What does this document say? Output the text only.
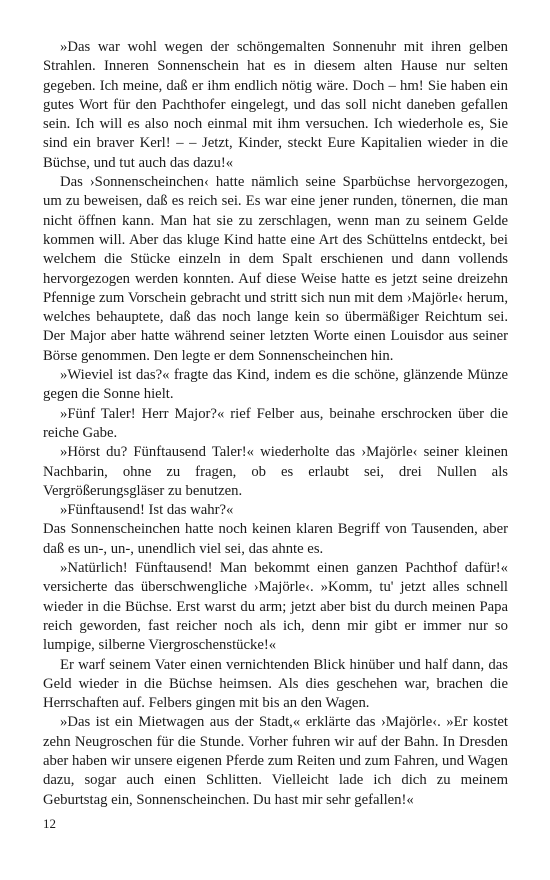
»Das war wohl wegen der schöngemalten Sonnenuhr mit ihren gelben Strahlen. Inneren Sonnenschein hat es in diesem alten Hause nur selten gegeben. Ich meine, daß er ihm endlich nötig wäre. Doch – hm! Sie haben ein gutes Wort für den Pachthofer eingelegt, und das soll nicht daneben gefallen sein. Ich will es also noch einmal mit ihm versuchen. Ich wiederhole es, Sie sind ein braver Kerl! – – Jetzt, Kinder, steckt Eure Kapitalien wieder in die Büchse, und tut auch das dazu!«

Das ›Sonnenscheinchen‹ hatte nämlich seine Sparbüchse hervorgezogen, um zu beweisen, daß es reich sei. Es war eine jener runden, tönernen, die man nicht öffnen kann. Man hat sie zu zerschlagen, wenn man zu seinem Gelde kommen will. Aber das kluge Kind hatte eine Art des Schüttelns entdeckt, bei welchem die Stücke einzeln in dem Spalt erschienen und dann vollends hervorgezogen werden konnten. Auf diese Weise hatte es jetzt seine dreizehn Pfennige zum Vorschein gebracht und stritt sich nun mit dem ›Majörle‹ herum, welches behauptete, daß das noch lange kein so übermäßiger Reichtum sei. Der Major aber hatte während seiner letzten Worte einen Louisdor aus seiner Börse genommen. Den legte er dem Sonnenscheinchen hin.

»Wieviel ist das?« fragte das Kind, indem es die schöne, glänzende Münze gegen die Sonne hielt.

»Fünf Taler! Herr Major?« rief Felber aus, beinahe erschrocken über die reiche Gabe.

»Hörst du? Fünftausend Taler!« wiederholte das ›Majörle‹ seiner kleinen Nachbarin, ohne zu fragen, ob es erlaubt sei, drei Nullen als Vergrößerungsgläser zu benutzen.

»Fünftausend! Ist das wahr?«

Das Sonnenscheinchen hatte noch keinen klaren Begriff von Tausenden, aber daß es un-, un-, unendlich viel sei, das ahnte es.

»Natürlich! Fünftausend! Man bekommt einen ganzen Pachthof dafür!« versicherte das überschwengliche ›Majörle‹. »Komm, tu' jetzt alles schnell wieder in die Büchse. Erst warst du arm; jetzt aber bist du durch meinen Papa reich geworden, fast reicher noch als ich, denn mir gibt er immer nur so lumpige, silberne Viergroschenstücke!«

Er warf seinem Vater einen vernichtenden Blick hinüber und half dann, das Geld wieder in die Büchse heimsen. Als dies geschehen war, brachen die Herrschaften auf. Felbers gingen mit bis an den Wagen.

»Das ist ein Mietwagen aus der Stadt,« erklärte das ›Majörle‹. »Er kostet zehn Neugroschen für die Stunde. Vorher fuhren wir auf der Bahn. In Dresden aber haben wir unsere eigenen Pferde zum Reiten und zum Fahren, und Wagen dazu, sogar auch einen Schlitten. Vielleicht lade ich dich zu meinem Geburtstag ein, Sonnenscheinchen. Du hast mir sehr gefallen!«

12
